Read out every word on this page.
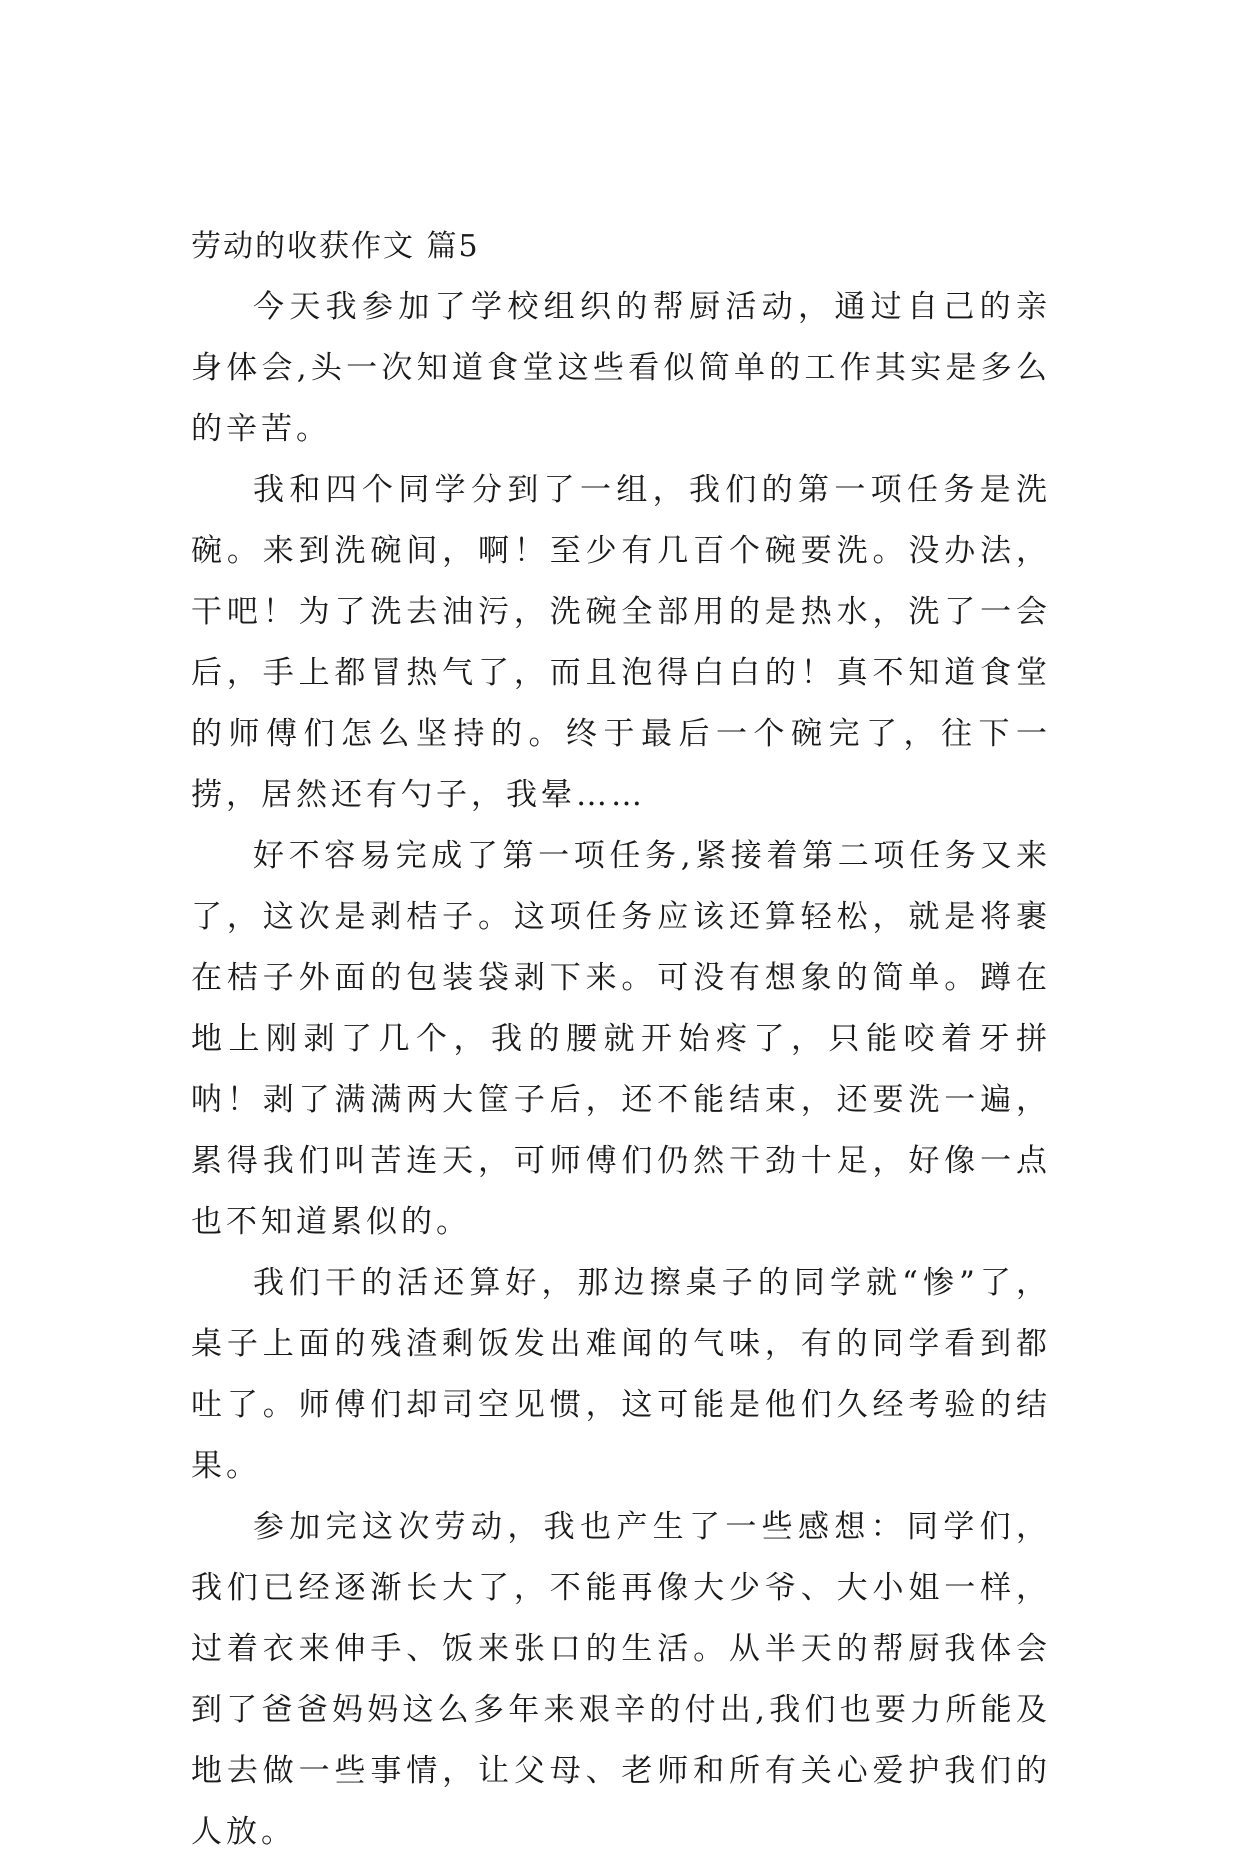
劳动的收获作文 篇5

今天我参加了学校组织的帮厨活动，通过自己的亲身体会,头一次知道食堂这些看似简单的工作其实是多么的辛苦。

我和四个同学分到了一组，我们的第一项任务是洗碗。来到洗碗间，啊！至少有几百个碗要洗。没办法，干吧！为了洗去油污，洗碗全部用的是热水，洗了一会后，手上都冒热气了，而且泡得白白的！真不知道食堂的师傅们怎么坚持的。终于最后一个碗完了，往下一捞，居然还有勺子，我晕……

好不容易完成了第一项任务,紧接着第二项任务又来了，这次是剥桔子。这项任务应该还算轻松，就是将裹在桔子外面的包装袋剥下来。可没有想象的简单。蹲在地上刚剥了几个，我的腰就开始疼了，只能咬着牙拼呐！剥了满满两大筐子后，还不能结束，还要洗一遍，累得我们叫苦连天，可师傅们仍然干劲十足，好像一点也不知道累似的。

我们干的活还算好，那边擦桌子的同学就“惨”了，桌子上面的残渣剩饭发出难闻的气味，有的同学看到都吐了。师傅们却司空见惯，这可能是他们久经考验的结果。

参加完这次劳动，我也产生了一些感想：同学们，我们已经逐渐长大了，不能再像大少爷、大小姐一样，过着衣来伸手、饭来张口的生活。从半天的帮厨我体会到了爸爸妈妈这么多年来艰辛的付出,我们也要力所能及地去做一些事情，让父母、老师和所有关心爱护我们的人放。
